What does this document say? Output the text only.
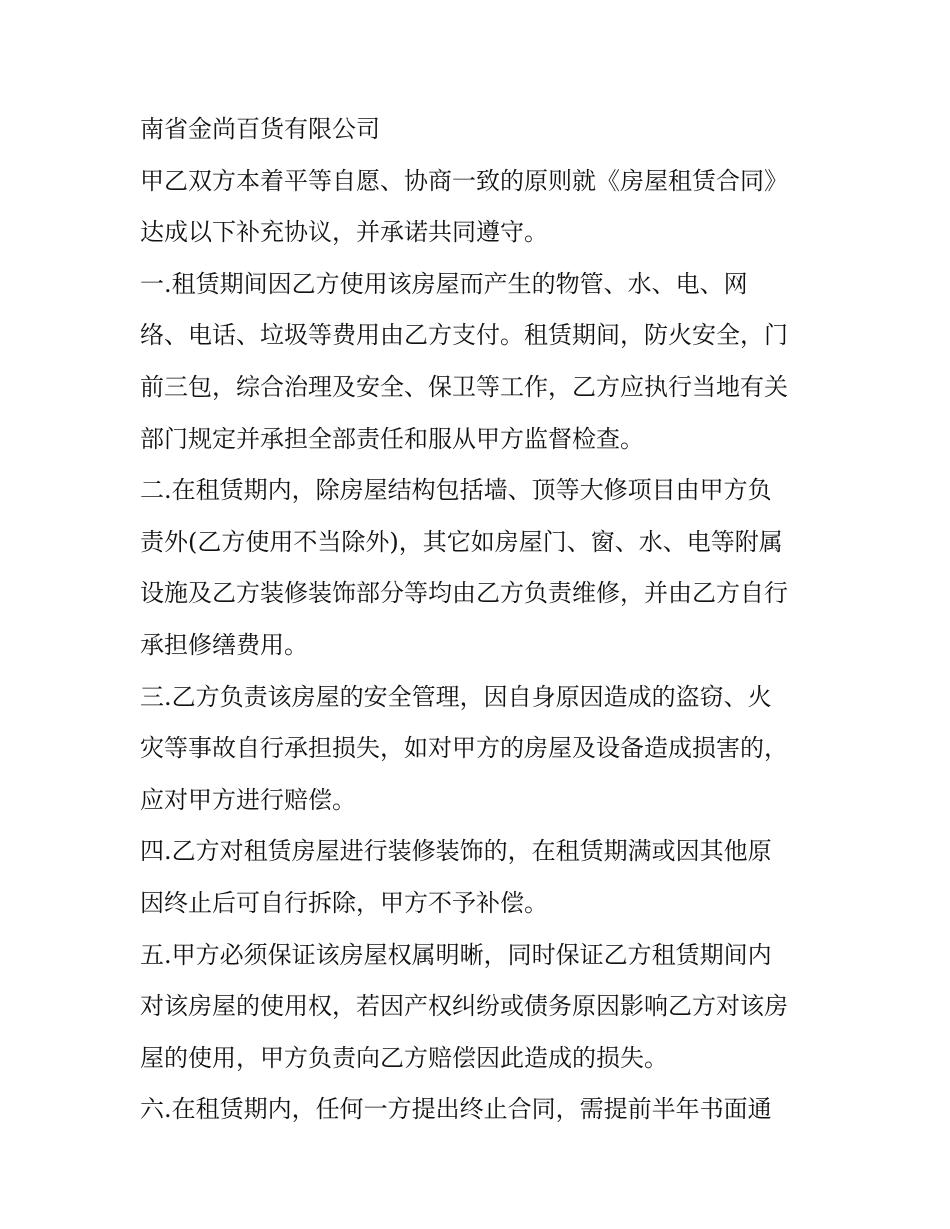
南省金尚百货有限公司
甲乙双方本着平等自愿、协商一致的原则就《房屋租赁合同》
达成以下补充协议，并承诺共同遵守。
一.租赁期间因乙方使用该房屋而产生的物管、水、电、网
络、电话、垃圾等费用由乙方支付。租赁期间，防火安全，门
前三包，综合治理及安全、保卫等工作，乙方应执行当地有关
部门规定并承担全部责任和服从甲方监督检查。
二.在租赁期内，除房屋结构包括墙、顶等大修项目由甲方负
责外(乙方使用不当除外)，其它如房屋门、窗、水、电等附属
设施及乙方装修装饰部分等均由乙方负责维修，并由乙方自行
承担修缮费用。
三.乙方负责该房屋的安全管理，因自身原因造成的盗窃、火
灾等事故自行承担损失，如对甲方的房屋及设备造成损害的，
应对甲方进行赔偿。
四.乙方对租赁房屋进行装修装饰的，在租赁期满或因其他原
因终止后可自行拆除，甲方不予补偿。
五.甲方必须保证该房屋权属明晰，同时保证乙方租赁期间内
对该房屋的使用权，若因产权纠纷或债务原因影响乙方对该房
屋的使用，甲方负责向乙方赔偿因此造成的损失。
六.在租赁期内，任何一方提出终止合同，需提前半年书面通
